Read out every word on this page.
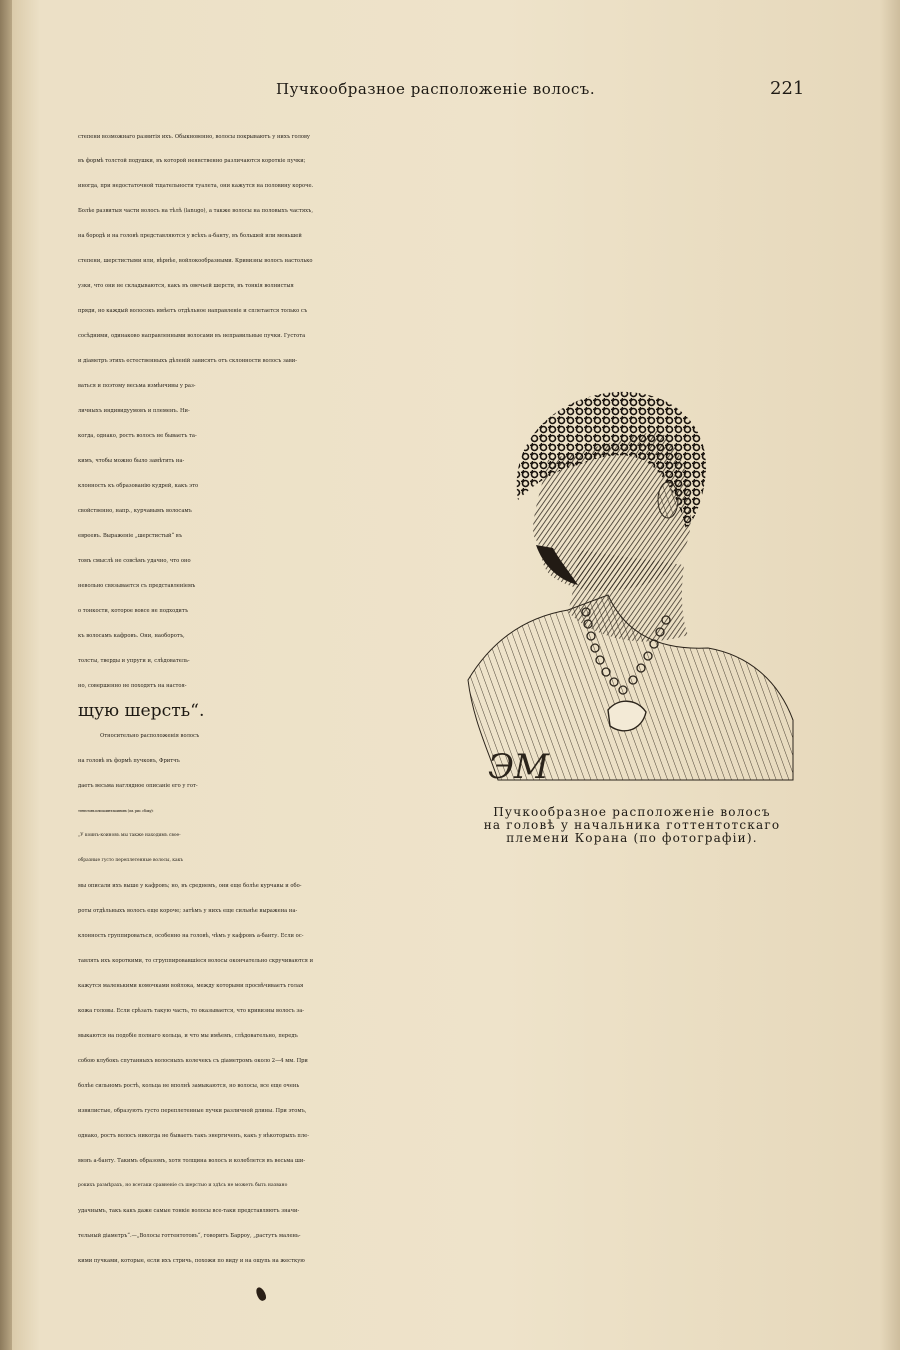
Пучкообразное расположеніе волосъ.	221
степени возможнаго развитія ихъ. Обыкновенно, волосы покрываютъ у нихъ голову
въ формѣ толстой подушки, въ которой неявственно различаются короткіе пучки;
иногда, при недостаточной тщательности туалета, они кажутся на половину короче.
Болѣе развитыя части волосъ на тѣлѣ (lanugo), а также волосы на половыхъ частяхъ,
на бородѣ и на головѣ представляются у всѣхъ а-банту, въ большей или меньшей
степени, шерстистыми или, вѣрнѣе, войлокообразными. Кривизны волосъ настолько
узки, что они не складываются, какъ въ овечьей шерсти, въ тонкія волнистыя
пряди, но каждый волосокъ имѣетъ отдѣльное направленіе и сплетается только съ
сосѣдними, одинаково направленными волосами въ неправильные пучки. Густота
и діаметръ этихъ естественныхъ дѣленій зависятъ отъ склонности волосъ зави-
ваться и поэтому весьма измѣнчивы у раз-
личныхъ индивидуумовъ и племенъ. Ни-
когда, однако, ростъ волосъ не бываетъ та-
кимъ, чтобы можно было замѣтить на-
клонность къ образованію кудрей, какъ это
свойственно, напр., курчавымъ волосамъ
евреевъ. Выраженіе „шерстистый“ въ
томъ смыслѣ не совсѣмъ удачно, что оно
невольно связывается съ представленіемъ
о тонкости, которое вовсе не подходитъ
къ волосамъ кафровъ. Они, наоборотъ,
толсты, тверды и упруги и, слѣдователь-
но, совершенно не походятъ на настоя-
щую шерсть“.
Относительно расположенія волосъ
на головѣ въ формѣ пучковъ, Фритчъ
даетъ весьма наглядное описаніе его у гот-
тентотовъ или коинъ-коиновъ (см. рис. сбоку):
„У коинъ-коиновъ мы также находимъ свое-
образные густо переплетенные волосы, какъ
ЭМ
Пучкообразное расположеніе волосъ
на головѣ у начальника готтентотскаго
племени Корана (по фотографіи).
мы описали ихъ выше у кафровъ; но, въ среднемъ, они еще болѣе курчавы и обо-
роты отдѣльныхъ волосъ еще короче; затѣмъ у нихъ еще сильнѣе выражена на-
клонность группироваться, особенно на головѣ, чѣмъ у кафровъ а-банту. Если ос-
тавлять ихъ короткими, то сгруппировавшіеся волосы окончательно скручиваются и
кажутся маленькими комочками войлока, между которыми просвѣчиваетъ голая
кожа головы. Если срѣзать такую часть, то оказывается, что кривизны волосъ за-
мыкаются на подобіе полнаго кольца, и что мы имѣемъ, слѣдовательно, передъ
собою клубокъ спутанныхъ волосныхъ колечекъ съ діаметромъ около 2—4 мм. При
болѣе сильномъ ростѣ, кольца не вполнѣ замыкаются, но волосы, все еще очень
извилистые, образуютъ густо переплетенные пучки различной длины. При этомъ,
однако, ростъ волосъ никогда не бываетъ такъ энергиченъ, какъ у нѣкоторыхъ пле-
менъ а-банту. Такимъ образомъ, хотя толщина волосъ и колеблется въ весьма ши-
рокихъ размѣрахъ, но всетаки сравненіе съ шерстью и здѣсь не можетъ быть названо
удачнымъ, такъ какъ даже самые тонкіе волосы все-таки представляютъ значи-
тельный діаметръ“.—„Волосы готтентотовъ“, говоритъ Барроу, „растутъ малень-
кими пучками, которые, если ихъ стричь, похожи по виду и на ощупь на жесткую
